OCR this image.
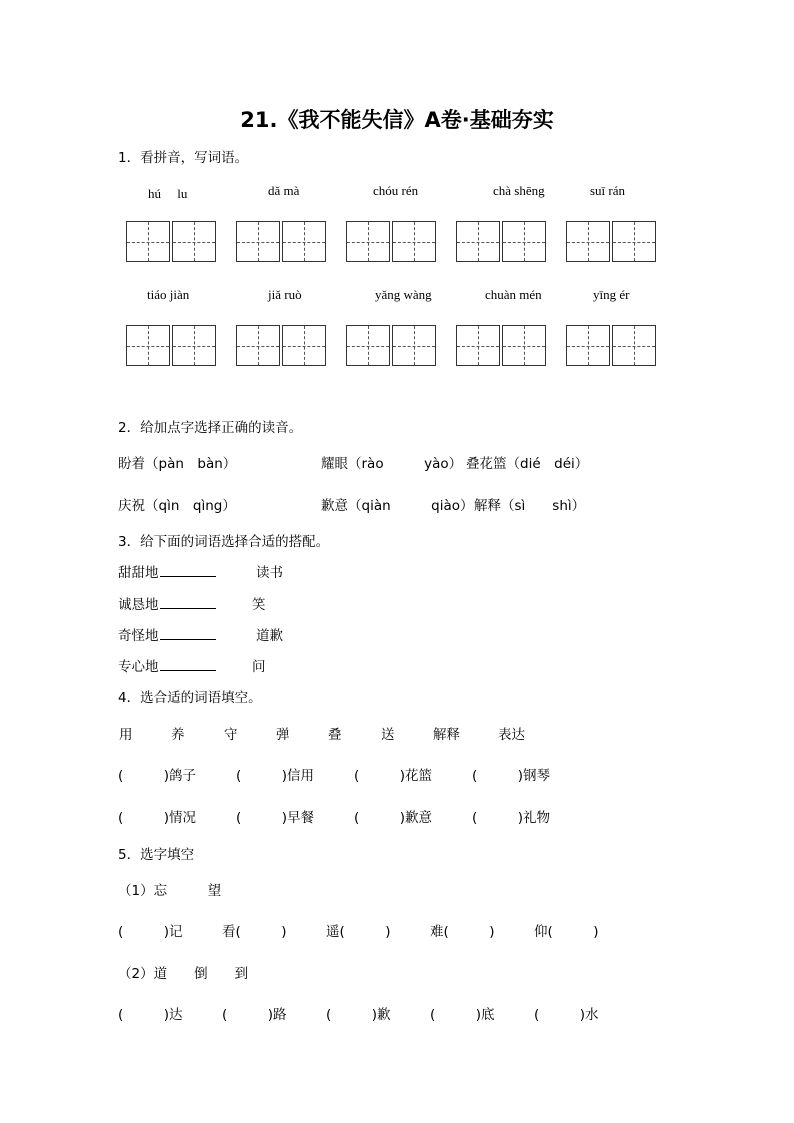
21.《我不能失信》A卷·基础夯实
1．看拼音，写词语。
hú　 lu	dǎ mà	chóu rén	chà shēng	suī rán
tiáo jiàn	jiǎ ruò	yǎng wàng	chuàn mén	yīng ér
2．给加点字选择正确的读音。
盼着（pàn　bàn）	耀眼（rào　　　yào） 叠花篮（dié　déi）
庆祝（qìn　qìng）	歉意（qiàn　　　qiào） 解释（sì　　shì）
3．给下面的词语选择合适的搭配。
甜甜地	读书
诚恳地	笑
奇怪地	道歉
专心地	问
4．选合适的词语填空。
用	养	守	弹	叠	送	解释	表达
(　　　)鸽子	(　　　)信用	(　　　)花篮	(　　　)钢琴
(　　　)情况	(　　　)早餐	(　　　)歉意	(　　　)礼物
5．选字填空
（1）忘　　　望
(　　　)记	看(　　　)	遥(　　　)	难(　　　)	仰(　　　)
（2）道　　倒　　到
(　　　)达	(　　　)路	(　　　)歉	(　　　)底	(　　　)水
